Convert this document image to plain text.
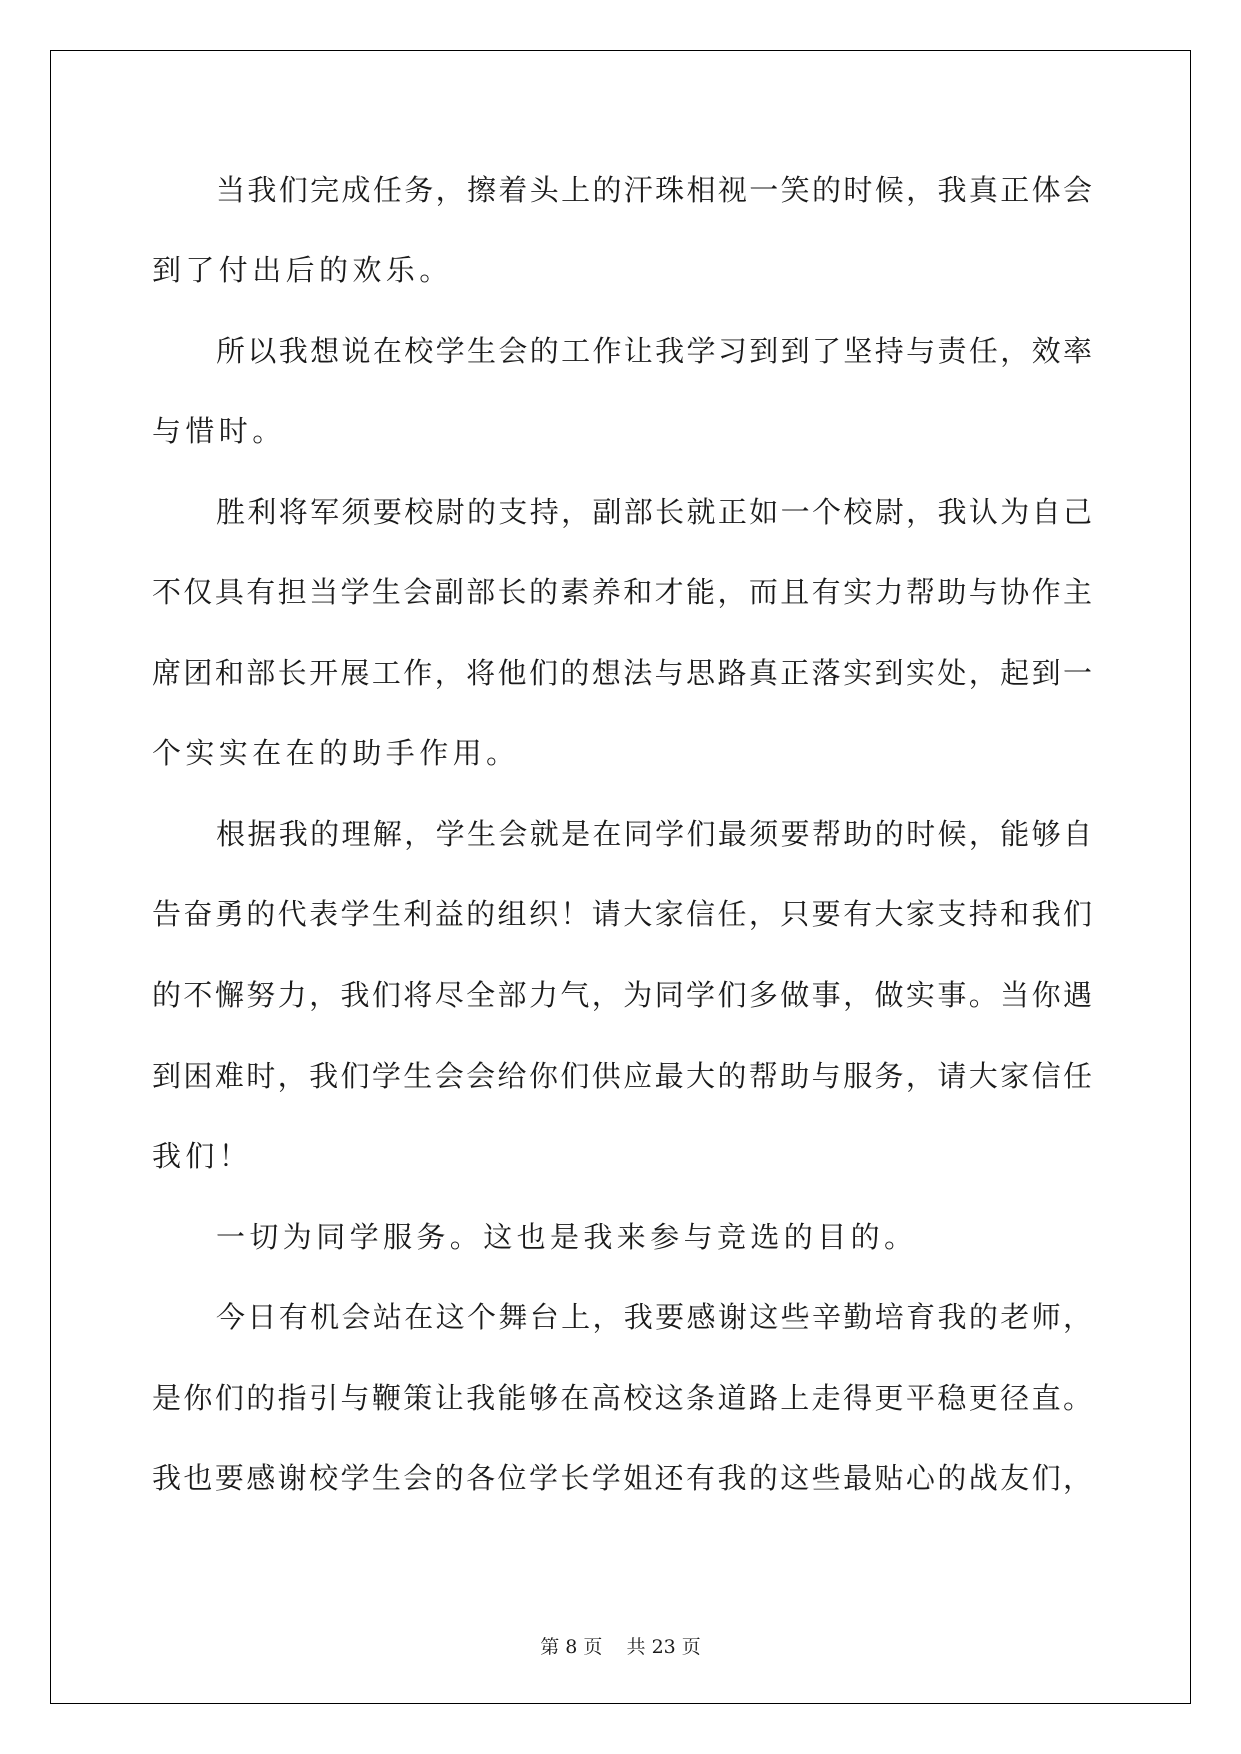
当我们完成任务，擦着头上的汗珠相视一笑的时候，我真正体会
到了付出后的欢乐。
所以我想说在校学生会的工作让我学习到到了坚持与责任，效率
与惜时。
胜利将军须要校尉的支持，副部长就正如一个校尉，我认为自己
不仅具有担当学生会副部长的素养和才能，而且有实力帮助与协作主
席团和部长开展工作，将他们的想法与思路真正落实到实处，起到一
个实实在在的助手作用。
根据我的理解，学生会就是在同学们最须要帮助的时候，能够自
告奋勇的代表学生利益的组织！请大家信任，只要有大家支持和我们
的不懈努力，我们将尽全部力气，为同学们多做事，做实事。当你遇
到困难时，我们学生会会给你们供应最大的帮助与服务，请大家信任
我们！
一切为同学服务。这也是我来参与竞选的目的。
今日有机会站在这个舞台上，我要感谢这些辛勤培育我的老师，
是你们的指引与鞭策让我能够在高校这条道路上走得更平稳更径直。
我也要感谢校学生会的各位学长学姐还有我的这些最贴心的战友们，
第 8 页    共 23 页
